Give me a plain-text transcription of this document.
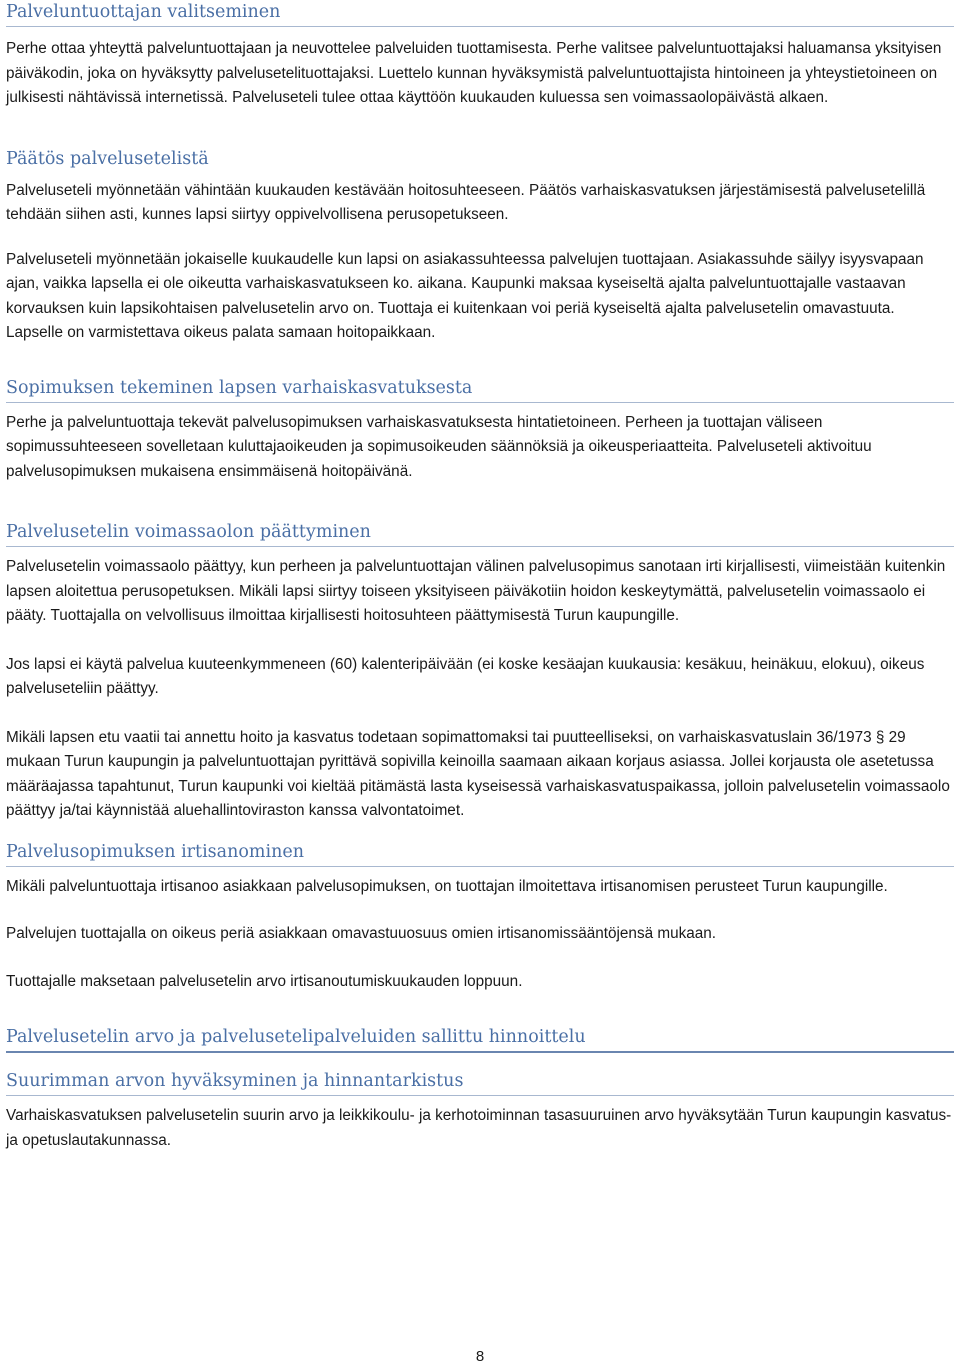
Palveluntuottajan valitseminen

Perhe ottaa yhteyttä palveluntuottajaan ja neuvottelee palveluiden tuottamisesta. Perhe valitsee palveluntuottajaksi haluamansa yksityisen päiväkodin, joka on hyväksytty palvelusetelituottajaksi. Luettelo kunnan hyväksymistä palveluntuottajista hintoineen ja yhteystietoineen on julkisesti nähtävissä internetissä. Palveluseteli tulee ottaa käyttöön kuukauden kuluessa sen voimassaolopäivästä alkaen.

Päätös palvelusetelistä

Palveluseteli myönnetään vähintään kuukauden kestävään hoitosuhteeseen. Päätös varhaiskasvatuksen järjestämisestä palvelusetelillä tehdään siihen asti, kunnes lapsi siirtyy oppivelvollisena perusopetukseen.

Palveluseteli myönnetään jokaiselle kuukaudelle kun lapsi on asiakassuhteessa palvelujen tuottajaan. Asiakassuhde säilyy isyysvapaan ajan, vaikka lapsella ei ole oikeutta varhaiskasvatukseen ko. aikana. Kaupunki maksaa kyseiseltä ajalta palveluntuottajalle vastaavan korvauksen kuin lapsikohtaisen palvelusetelin arvo on. Tuottaja ei kuitenkaan voi periä kyseiseltä ajalta palvelusetelin omavastuuta. Lapselle on varmistettava oikeus palata samaan hoitopaikkaan.

Sopimuksen tekeminen lapsen varhaiskasvatuksesta

Perhe ja palveluntuottaja tekevät palvelusopimuksen varhaiskasvatuksesta hintatietoineen. Perheen ja tuottajan väliseen sopimussuhteeseen sovelletaan kuluttajaoikeuden ja sopimusoikeuden säännöksiä ja oikeusperiaatteita. Palveluseteli aktivoituu palvelusopimuksen mukaisena ensimmäisenä hoitopäivänä.

Palvelusetelin voimassaolon päättyminen

Palvelusetelin voimassaolo päättyy, kun perheen ja palveluntuottajan välinen palvelusopimus sanotaan irti kirjallisesti, viimeistään kuitenkin lapsen aloitettua perusopetuksen. Mikäli lapsi siirtyy toiseen yksityiseen päiväkotiin hoidon keskeytymättä, palvelusetelin voimassaolo ei pääty. Tuottajalla on velvollisuus ilmoittaa kirjallisesti hoitosuhteen päättymisestä Turun kaupungille.

Jos lapsi ei käytä palvelua kuuteenkymmeneen (60) kalenteripäivään (ei koske kesäajan kuukausia: kesäkuu, heinäkuu, elokuu), oikeus palveluseteliin päättyy.

Mikäli lapsen etu vaatii tai annettu hoito ja kasvatus todetaan sopimattomaksi tai puutteelliseksi, on varhaiskasvatuslain 36/1973 § 29 mukaan Turun kaupungin ja palveluntuottajan pyrittävä sopivilla keinoilla saamaan aikaan korjaus asiassa. Jollei korjausta ole asetetussa määräajassa tapahtunut, Turun kaupunki voi kieltää pitämästä lasta kyseisessä varhaiskasvatuspaikassa, jolloin palvelusetelin voimassaolo päättyy ja/tai käynnistää aluehallintoviraston kanssa valvontatoimet.

Palvelusopimuksen irtisanominen

Mikäli palveluntuottaja irtisanoo asiakkaan palvelusopimuksen, on tuottajan ilmoitettava irtisanomisen perusteet Turun kaupungille.

Palvelujen tuottajalla on oikeus periä asiakkaan omavastuuosuus omien irtisanomissääntöjensä mukaan.

Tuottajalle maksetaan palvelusetelin arvo irtisanoutumiskuukauden loppuun.

Palvelusetelin arvo ja palvelusetelipalveluiden sallittu hinnoittelu
Suurimman arvon hyväksyminen ja hinnantarkistus

Varhaiskasvatuksen palvelusetelin suurin arvo ja leikkikoulu- ja kerhotoiminnan tasasuuruinen arvo hyväksytään Turun kaupungin kasvatus- ja opetuslautakunnassa.

8
